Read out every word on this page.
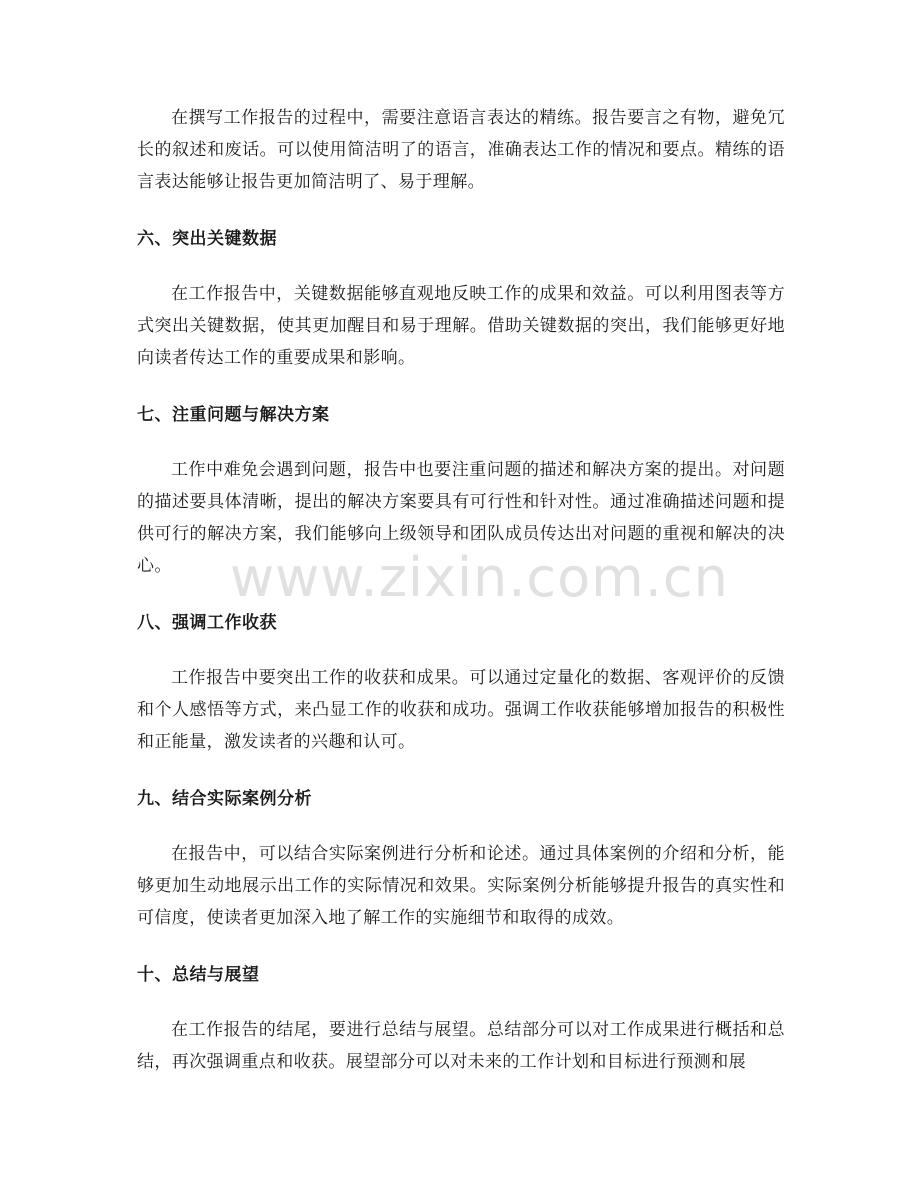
www.zixin.com.cn

在撰写工作报告的过程中，需要注意语言表达的精练。报告要言之有物，避免冗长的叙述和废话。可以使用简洁明了的语言，准确表达工作的情况和要点。精练的语言表达能够让报告更加简洁明了、易于理解。

六、突出关键数据

在工作报告中，关键数据能够直观地反映工作的成果和效益。可以利用图表等方式突出关键数据，使其更加醒目和易于理解。借助关键数据的突出，我们能够更好地向读者传达工作的重要成果和影响。

七、注重问题与解决方案

工作中难免会遇到问题，报告中也要注重问题的描述和解决方案的提出。对问题的描述要具体清晰，提出的解决方案要具有可行性和针对性。通过准确描述问题和提供可行的解决方案，我们能够向上级领导和团队成员传达出对问题的重视和解决的决心。

八、强调工作收获

工作报告中要突出工作的收获和成果。可以通过定量化的数据、客观评价的反馈和个人感悟等方式，来凸显工作的收获和成功。强调工作收获能够增加报告的积极性和正能量，激发读者的兴趣和认可。

九、结合实际案例分析

在报告中，可以结合实际案例进行分析和论述。通过具体案例的介绍和分析，能够更加生动地展示出工作的实际情况和效果。实际案例分析能够提升报告的真实性和可信度，使读者更加深入地了解工作的实施细节和取得的成效。

十、总结与展望

在工作报告的结尾，要进行总结与展望。总结部分可以对工作成果进行概括和总结，再次强调重点和收获。展望部分可以对未来的工作计划和目标进行预测和展
